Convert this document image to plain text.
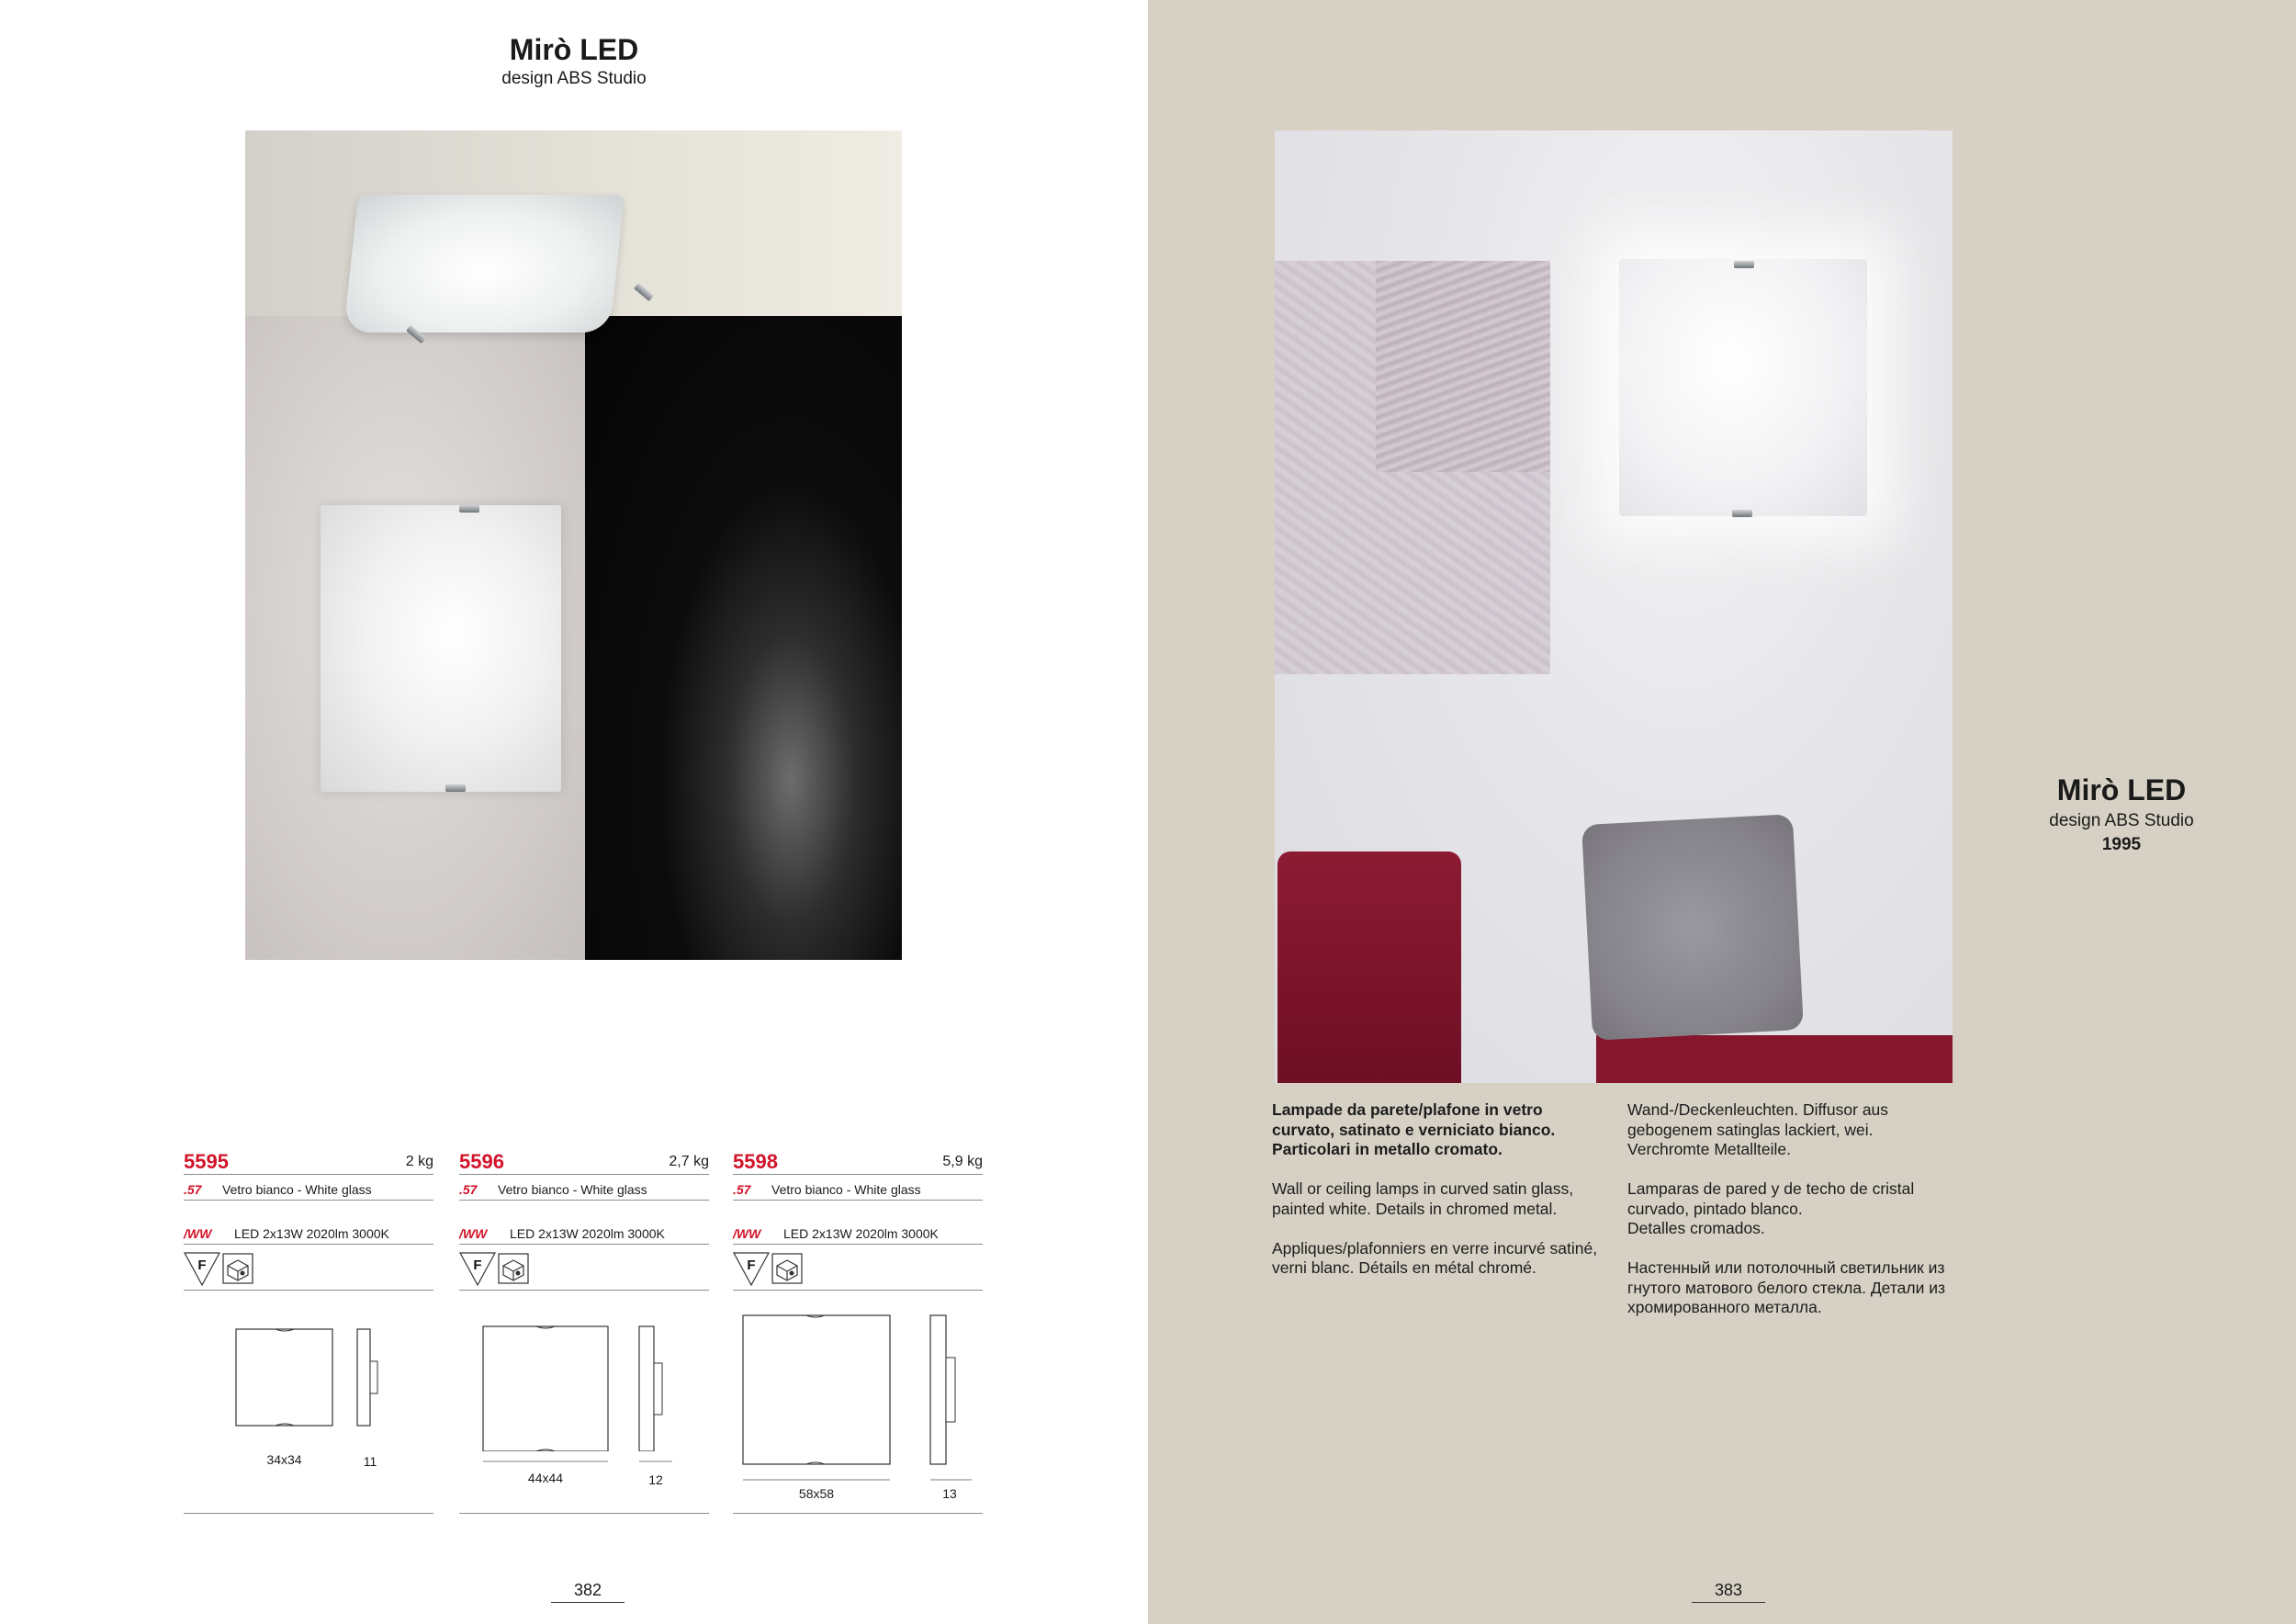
Mirò LED
design ABS Studio
5595	2 kg
.57 Vetro bianco - White glass
/WW LED 2x13W 2020lm 3000K
F
34x34	11
5596	2,7 kg
.57 Vetro bianco - White glass
/WW LED 2x13W 2020lm 3000K
F
44x44	12
5598	5,9 kg
.57 Vetro bianco - White glass
/WW LED 2x13W 2020lm 3000K
F
58x58	13
382

Lampade da parete/plafone in vetro
curvato, satinato e verniciato bianco.
Particolari in metallo cromato.

Wall or ceiling lamps in curved satin glass,
painted white. Details in chromed metal.

Appliques/plafonniers en verre incurvé satiné,
verni blanc. Détails en métal chromé.

Wand-/Deckenleuchten. Diffusor aus
gebogenem satinglas lackiert, wei.
Verchromte Metallteile.

Lamparas de pared y de techo de cristal
curvado, pintado blanco.
Detalles cromados.

Настенный или потолочный светильник из
гнутого матового белого стекла. Детали из
хромированного металла.

Mirò LED
design ABS Studio
1995
383
